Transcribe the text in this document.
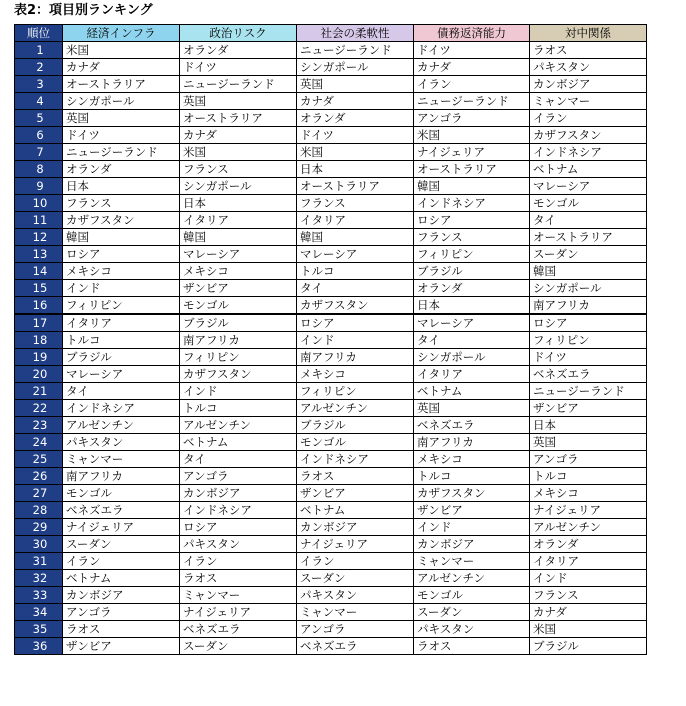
表2：項目別ランキング
順位	経済インフラ	政治リスク	社会の柔軟性	債務返済能力	対中関係
1	米国	オランダ	ニュージーランド	ドイツ	ラオス
2	カナダ	ドイツ	シンガポール	カナダ	パキスタン
3	オーストラリア	ニュージーランド	英国	イラン	カンボジア
4	シンガポール	英国	カナダ	ニュージーランド	ミャンマー
5	英国	オーストラリア	オランダ	アンゴラ	イラン
6	ドイツ	カナダ	ドイツ	米国	カザフスタン
7	ニュージーランド	米国	米国	ナイジェリア	インドネシア
8	オランダ	フランス	日本	オーストラリア	ベトナム
9	日本	シンガポール	オーストラリア	韓国	マレーシア
10	フランス	日本	フランス	インドネシア	モンゴル
11	カザフスタン	イタリア	イタリア	ロシア	タイ
12	韓国	韓国	韓国	フランス	オーストラリア
13	ロシア	マレーシア	マレーシア	フィリピン	スーダン
14	メキシコ	メキシコ	トルコ	ブラジル	韓国
15	インド	ザンビア	タイ	オランダ	シンガポール
16	フィリピン	モンゴル	カザフスタン	日本	南アフリカ
17	イタリア	ブラジル	ロシア	マレーシア	ロシア
18	トルコ	南アフリカ	インド	タイ	フィリピン
19	ブラジル	フィリピン	南アフリカ	シンガポール	ドイツ
20	マレーシア	カザフスタン	メキシコ	イタリア	ベネズエラ
21	タイ	インド	フィリピン	ベトナム	ニュージーランド
22	インドネシア	トルコ	アルゼンチン	英国	ザンビア
23	アルゼンチン	アルゼンチン	ブラジル	ベネズエラ	日本
24	パキスタン	ベトナム	モンゴル	南アフリカ	英国
25	ミャンマー	タイ	インドネシア	メキシコ	アンゴラ
26	南アフリカ	アンゴラ	ラオス	トルコ	トルコ
27	モンゴル	カンボジア	ザンビア	カザフスタン	メキシコ
28	ベネズエラ	インドネシア	ベトナム	ザンビア	ナイジェリア
29	ナイジェリア	ロシア	カンボジア	インド	アルゼンチン
30	スーダン	パキスタン	ナイジェリア	カンボジア	オランダ
31	イラン	イラン	イラン	ミャンマー	イタリア
32	ベトナム	ラオス	スーダン	アルゼンチン	インド
33	カンボジア	ミャンマー	パキスタン	モンゴル	フランス
34	アンゴラ	ナイジェリア	ミャンマー	スーダン	カナダ
35	ラオス	ベネズエラ	アンゴラ	パキスタン	米国
36	ザンビア	スーダン	ベネズエラ	ラオス	ブラジル
